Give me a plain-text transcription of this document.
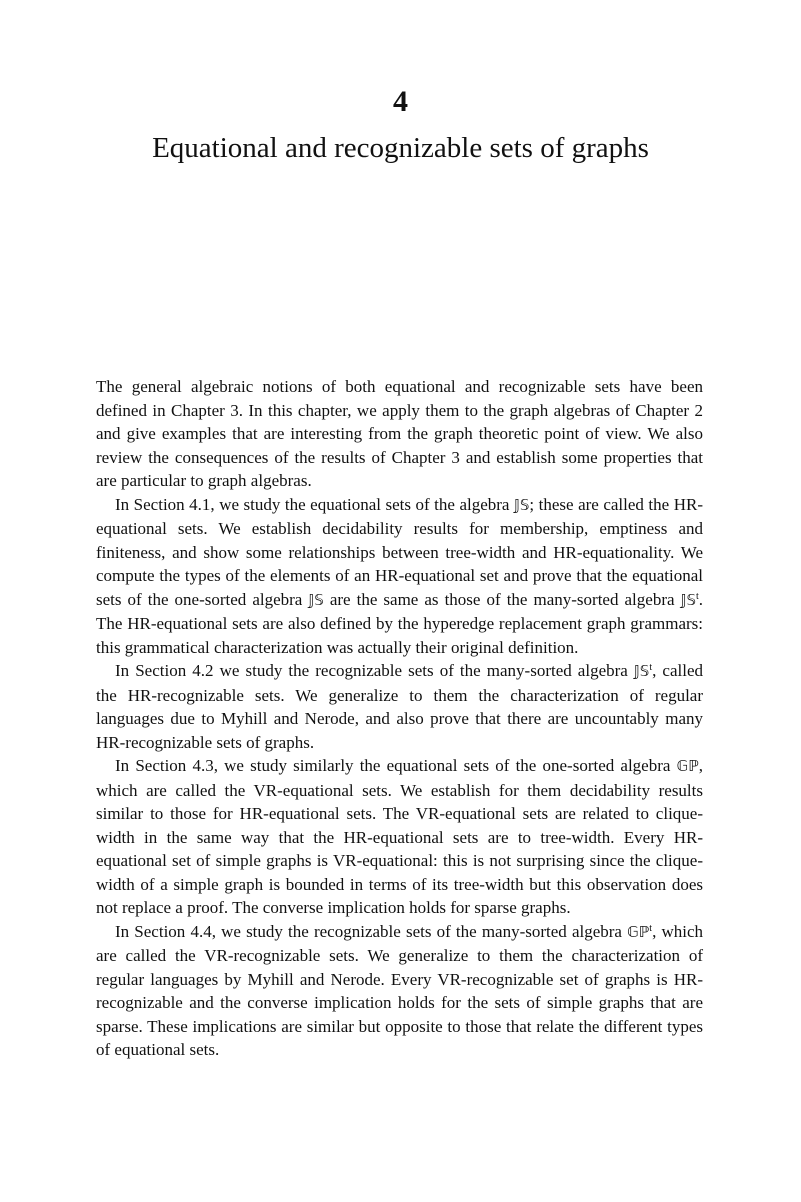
4
Equational and recognizable sets of graphs

The general algebraic notions of both equational and recognizable sets have been defined in Chapter 3. In this chapter, we apply them to the graph algebras of Chapter 2 and give examples that are interesting from the graph theoretic point of view. We also review the consequences of the results of Chapter 3 and establish some properties that are particular to graph algebras.

In Section 4.1, we study the equational sets of the algebra 𝕁𝕊; these are called the HR-equational sets. We establish decidability results for membership, emptiness and finiteness, and show some relationships between tree-width and HR-equationality. We compute the types of the elements of an HR-equational set and prove that the equational sets of the one-sorted algebra 𝕁𝕊 are the same as those of the many-sorted algebra 𝕁𝕊$^t$. The HR-equational sets are also defined by the hyperedge replacement graph grammars: this grammatical characterization was actually their original definition.

In Section 4.2 we study the recognizable sets of the many-sorted algebra 𝕁𝕊$^t$, called the HR-recognizable sets. We generalize to them the characterization of regular languages due to Myhill and Nerode, and also prove that there are uncountably many HR-recognizable sets of graphs.

In Section 4.3, we study similarly the equational sets of the one-sorted algebra 𝔾ℙ, which are called the VR-equational sets. We establish for them decidability results similar to those for HR-equational sets. The VR-equational sets are related to clique-width in the same way that the HR-equational sets are to tree-width. Every HR-equational set of simple graphs is VR-equational: this is not surprising since the clique-width of a simple graph is bounded in terms of its tree-width but this observation does not replace a proof. The converse implication holds for sparse graphs.

In Section 4.4, we study the recognizable sets of the many-sorted algebra 𝔾ℙ$^t$, which are called the VR-recognizable sets. We generalize to them the characterization of regular languages by Myhill and Nerode. Every VR-recognizable set of graphs is HR-recognizable and the converse implication holds for the sets of simple graphs that are sparse. These implications are similar but opposite to those that relate the different types of equational sets.
